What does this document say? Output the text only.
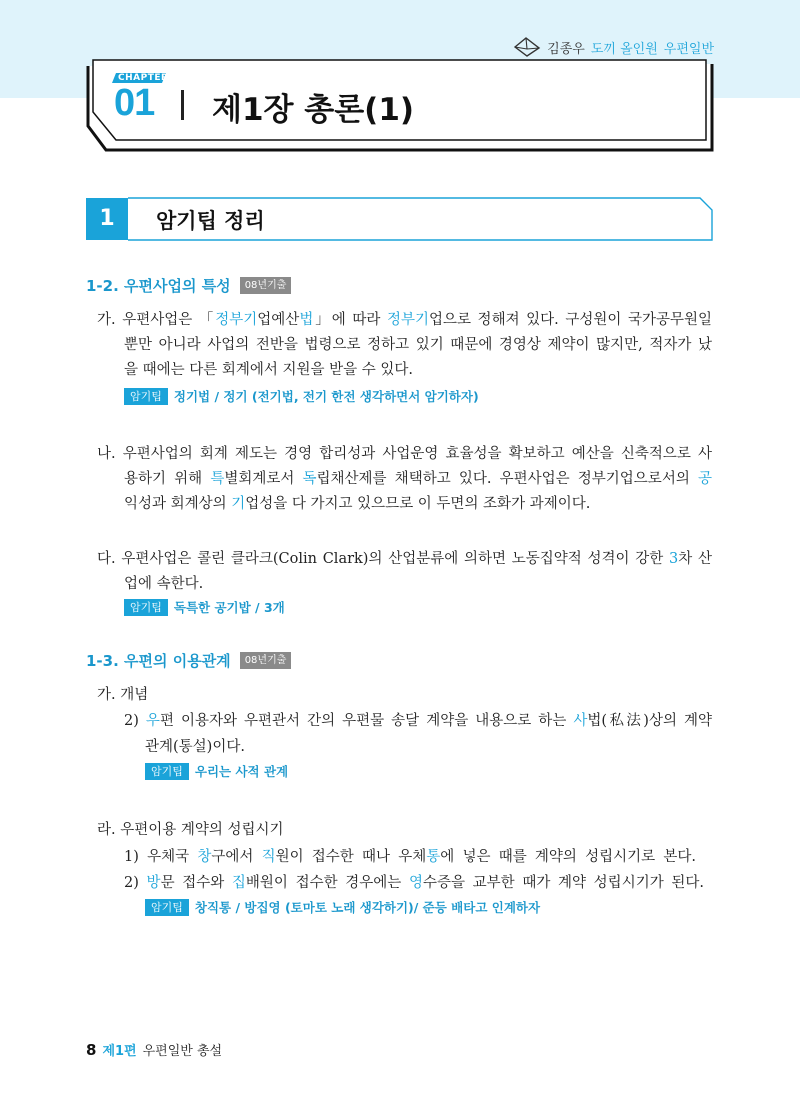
김종우 도끼 올인원 우편일반
CHAPTER
01 제1장 총론(1)
1	암기팁 정리
1-2. 우편사업의 특성	08년기출
가. 우편사업은 「정부기업예산법」에 따라 정부기업으로 정해져 있다. 구성원이 국가공무원일
뿐만 아니라 사업의 전반을 법령으로 정하고 있기 때문에 경영상 제약이 많지만, 적자가 났
을 때에는 다른 회계에서 지원을 받을 수 있다.
암기팁 정기법 / 정기 (전기법, 전기 한전 생각하면서 암기하자)
나. 우편사업의 회계 제도는 경영 합리성과 사업운영 효율성을 확보하고 예산을 신축적으로 사
용하기 위해 특별회계로서 독립채산제를 채택하고 있다. 우편사업은 정부기업으로서의 공
익성과 회계상의 기업성을 다 가지고 있으므로 이 두면의 조화가 과제이다.
다. 우편사업은 콜린 클라크(Colin Clark)의 산업분류에 의하면 노동집약적 성격이 강한 3차 산
업에 속한다.
암기팁 독특한 공기밥 / 3개
1-3. 우편의 이용관계	08년기출
가. 개념
2) 우편 이용자와 우편관서 간의 우편물 송달 계약을 내용으로 하는 사법(私法)상의 계약
관계(통설)이다.
암기팁 우리는 사적 관계
라. 우편이용 계약의 성립시기
1) 우체국 창구에서 직원이 접수한 때나 우체통에 넣은 때를 계약의 성립시기로 본다.
2) 방문 접수와 집배원이 접수한 경우에는 영수증을 교부한 때가 계약 성립시기가 된다.
암기팁 창직통 / 방집영 (토마토 노래 생각하기)/ 준등 배타고 인계하자
8 제1편 우편일반 총설
